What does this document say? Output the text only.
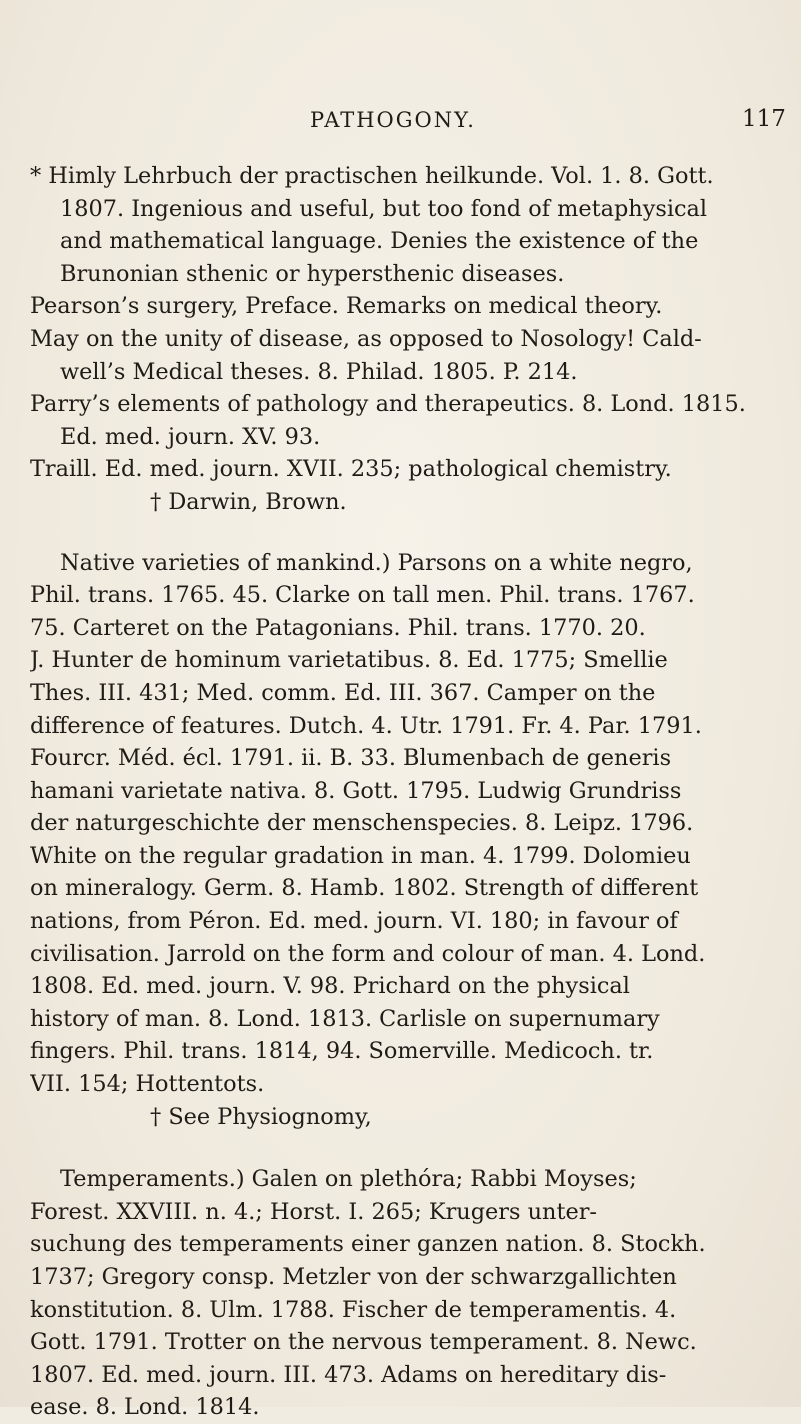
PATHOGONY.	117
* Himly Lehrbuch der practischen heilkunde. Vol. 1. 8. Gott.
1807. Ingenious and useful, but too fond of metaphysical
and mathematical language. Denies the existence of the
Brunonian sthenic or hypersthenic diseases.
Pearson’s surgery, Preface. Remarks on medical theory.
May on the unity of disease, as opposed to Nosology! Cald-
well’s Medical theses. 8. Philad. 1805. P. 214.
Parry’s elements of pathology and therapeutics. 8. Lond. 1815.
Ed. med. journ. XV. 93.
Traill. Ed. med. journ. XVII. 235; pathological chemistry.
† Darwin, Brown.
Native varieties of mankind.) Parsons on a white negro,
Phil. trans. 1765. 45. Clarke on tall men. Phil. trans. 1767.
75. Carteret on the Patagonians. Phil. trans. 1770. 20.
J. Hunter de hominum varietatibus. 8. Ed. 1775; Smellie
Thes. III. 431; Med. comm. Ed. III. 367. Camper on the
difference of features. Dutch. 4. Utr. 1791. Fr. 4. Par. 1791.
Fourcr. Méd. écl. 1791. ii. B. 33. Blumenbach de generis
hamani varietate nativa. 8. Gott. 1795. Ludwig Grundriss
der naturgeschichte der menschenspecies. 8. Leipz. 1796.
White on the regular gradation in man. 4. 1799. Dolomieu
on mineralogy. Germ. 8. Hamb. 1802. Strength of different
nations, from Péron. Ed. med. journ. VI. 180; in favour of
civilisation. Jarrold on the form and colour of man. 4. Lond.
1808. Ed. med. journ. V. 98. Prichard on the physical
history of man. 8. Lond. 1813. Carlisle on supernumary
fingers. Phil. trans. 1814, 94. Somerville. Medicoch. tr.
VII. 154; Hottentots.
† See Physiognomy,
Temperaments.) Galen on plethóra; Rabbi Moyses;
Forest. XXVIII. n. 4.; Horst. I. 265; Krugers unter-
suchung des temperaments einer ganzen nation. 8. Stockh.
1737; Gregory consp. Metzler von der schwarzgallichten
konstitution. 8. Ulm. 1788. Fischer de temperamentis. 4.
Gott. 1791. Trotter on the nervous temperament. 8. Newc.
1807. Ed. med. journ. III. 473. Adams on hereditary dis-
ease. 8. Lond. 1814.
